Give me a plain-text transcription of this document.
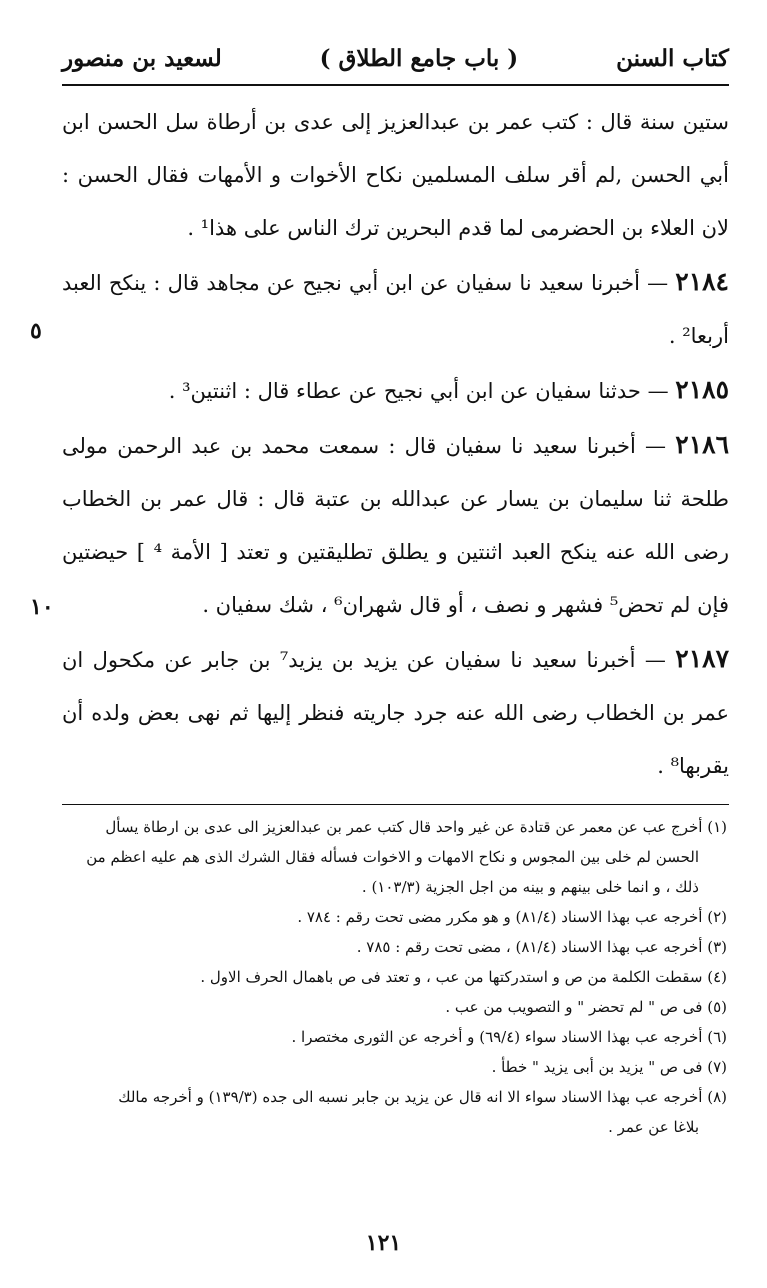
كتاب السنن
( باب جامع الطلاق )
لسعيد بن منصور
٥
١٠

ستين سنة قال : كتب عمر بن عبدالعزيز إلى عدى بن أرطاة سل الحسن ابن أبي الحسن ,لم أقر سلف المسلمين نكاح الأخوات و الأمهات فقال الحسن : لان العلاء بن الحضرمى لما قدم البحرين ترك الناس على هذا¹ .

٢١٨٤ — أخبرنا سعيد نا سفيان عن ابن أبي نجيح عن مجاهد قال : ينكح العبد أربعا² .

٢١٨٥ — حدثنا سفيان عن ابن أبي نجيح عن عطاء قال : اثنتين³ .

٢١٨٦ — أخبرنا سعيد نا سفيان قال : سمعت محمد بن عبد الرحمن مولى طلحة ثنا سليمان بن يسار عن عبدالله بن عتبة قال : قال عمر بن الخطاب رضى الله عنه ينكح العبد اثنتين و يطلق تطليقتين و تعتد [ الأمة ⁴ ] حيضتين فإن لم تحض⁵ فشهر و نصف ، أو قال شهران⁶ ، شك سفيان .

٢١٨٧ — أخبرنا سعيد نا سفيان عن يزيد بن يزيد⁷ بن جابر عن مكحول ان عمر بن الخطاب رضى الله عنه جرد جاريته فنظر إليها ثم نهى بعض ولده أن يقربها⁸ .

(١) أخرج عب عن معمر عن قتادة عن غير واحد قال كتب عمر بن عبدالعزيز الى عدى بن ارطاة يسأل

الحسن لم خلى بين المجوس و نكاح الامهات و الاخوات فسأله فقال الشرك الذى هم عليه اعظم من

ذلك ، و انما خلى بينهم و بينه من اجل الجزية (١٠٣/٣) .

(٢) أخرجه عب بهذا الاسناد (٨١/٤) و هو مكرر مضى تحت رقم : ٧٨٤ .

(٣) أخرجه عب بهذا الاسناد (٨١/٤) ، مضى تحت رقم : ٧٨٥ .

(٤) سقطت الكلمة من ص و استدركتها من عب ، و تعتد فى ص باهمال الحرف الاول .

(٥) فى ص " لم تحضر " و التصويب من عب .

(٦) أخرجه عب بهذا الاسناد سواء (٦٩/٤) و أخرجه عن الثورى مختصرا .

(٧) فى ص " يزيد بن أبى يزيد " خطأ .

(٨) أخرجه عب بهذا الاسناد سواء الا انه قال عن يزيد بن جابر نسبه الى جده (١٣٩/٣) و أخرجه مالك

بلاغا عن عمر .

١٢١
